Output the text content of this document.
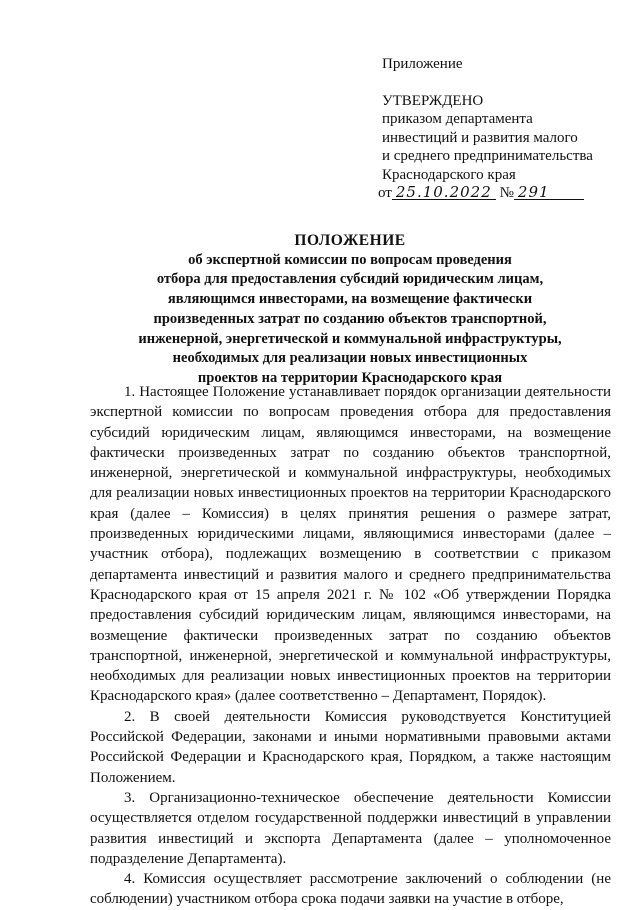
Приложение
УТВЕРЖДЕНО
приказом департамента
инвестиций и развития малого
и среднего предпринимательства
Краснодарского края
от 25.10.2022 № 291
ПОЛОЖЕНИЕ
об экспертной комиссии по вопросам проведения
отбора для предоставления субсидий юридическим лицам,
являющимся инвесторами, на возмещение фактически
произведенных затрат по созданию объектов транспортной,
инженерной, энергетической и коммунальной инфраструктуры,
необходимых для реализации новых инвестиционных
проектов на территории Краснодарского края

1. Настоящее Положение устанавливает порядок организации деятельности экспертной комиссии по вопросам проведения отбора для предоставления субсидий юридическим лицам, являющимся инвесторами, на возмещение фактически произведенных затрат по созданию объектов транспортной, инженерной, энергетической и коммунальной инфраструктуры, необходимых для реализации новых инвестиционных проектов на территории Краснодарского края (далее – Комиссия) в целях принятия решения о размере затрат, произведенных юридическими лицами, являющимися инвесторами (далее – участник отбора), подлежащих возмещению в соответствии с приказом департамента инвестиций и развития малого и среднего предпринимательства Краснодарского края от 15 апреля 2021 г. № 102 «Об утверждении Порядка предоставления субсидий юридическим лицам, являющимся инвесторами, на возмещение фактически произведенных затрат по созданию объектов транспортной, инженерной, энергетической и коммунальной инфраструктуры, необходимых для реализации новых инвестиционных проектов на территории Краснодарского края» (далее соответственно – Департамент, Порядок).

2. В своей деятельности Комиссия руководствуется Конституцией Российской Федерации, законами и иными нормативными правовыми актами Российской Федерации и Краснодарского края, Порядком, а также настоящим Положением.

3. Организационно-техническое обеспечение деятельности Комиссии осуществляется отделом государственной поддержки инвестиций в управлении развития инвестиций и экспорта Департамента (далее – уполномоченное подразделение Департамента).

4. Комиссия осуществляет рассмотрение заключений о соблюдении (не соблюдении) участником отбора срока подачи заявки на участие в отборе,
